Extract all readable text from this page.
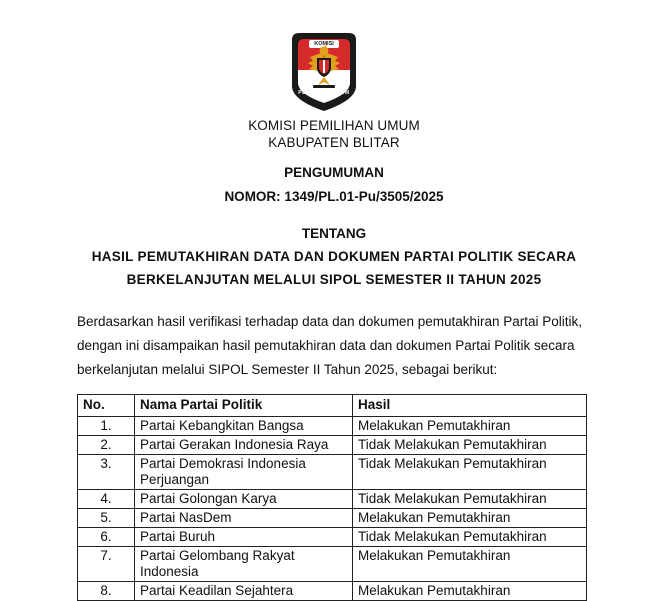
KOMISI
PEMILIHAN UMUM
KOMISI PEMILIHAN UMUM
KABUPATEN BLITAR
PENGUMUMAN
NOMOR: 1349/PL.01-Pu/3505/2025
TENTANG
HASIL PEMUTAKHIRAN DATA DAN DOKUMEN PARTAI POLITIK SECARA
BERKELANJUTAN MELALUI SIPOL SEMESTER II TAHUN 2025
Berdasarkan hasil verifikasi terhadap data dan dokumen pemutakhiran Partai Politik,
dengan ini disampaikan hasil pemutakhiran data dan dokumen Partai Politik secara
berkelanjutan melalui SIPOL Semester II Tahun 2025, sebagai berikut:
No.	Nama Partai Politik	Hasil
1.	Partai Kebangkitan Bangsa	Melakukan Pemutakhiran
2.	Partai Gerakan Indonesia Raya	Tidak Melakukan Pemutakhiran
3.	Partai Demokrasi Indonesia
Perjuangan	Tidak Melakukan Pemutakhiran
4.	Partai Golongan Karya	Tidak Melakukan Pemutakhiran
5.	Partai NasDem	Melakukan Pemutakhiran
6.	Partai Buruh	Tidak Melakukan Pemutakhiran
7.	Partai Gelombang Rakyat
Indonesia	Melakukan Pemutakhiran
8.	Partai Keadilan Sejahtera	Melakukan Pemutakhiran
